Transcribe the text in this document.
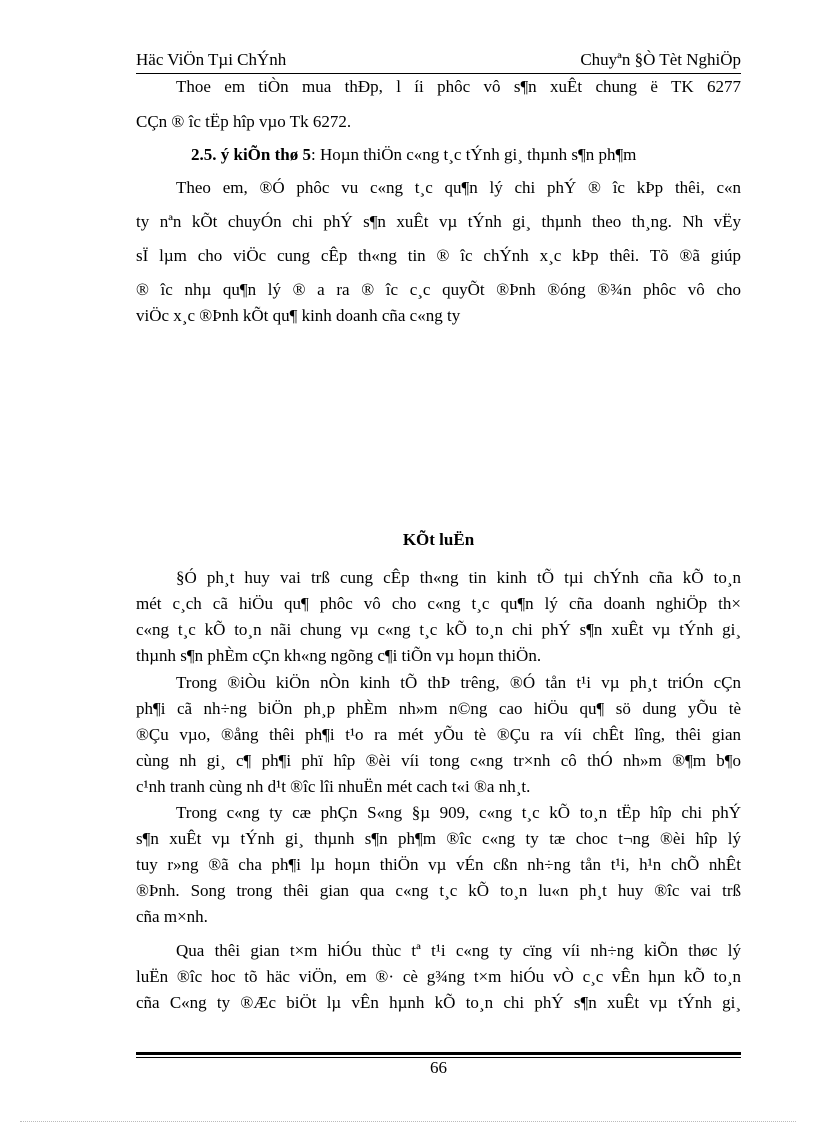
Häc ViÖn Tµi ChÝnh	Chuyªn §Ò Tèt NghiÖp
Thoe em tiÒn mua thÐp, l íi phôc vô s¶n xuÊt chung ë TK 6277
CÇn ® îc tËp hîp vµo Tk 6272.
2.5. ý kiÕn thø 5: Hoµn thiÖn c«ng t¸c tÝnh gi¸ thµnh s¶n ph¶m
Theo em, ®Ó phôc vu c«ng t¸c qu¶n lý chi phÝ ® îc kÞp thêi, c«n
ty nªn kÕt chuyÓn chi phÝ s¶n xuÊt vµ tÝnh gi¸ thµnh theo th¸ng. Nh vËy
sÏ lµm cho viÖc cung cÊp th«ng tin ® îc chÝnh x¸c kÞp thêi. Tõ ®ã giúp
® îc nhµ qu¶n lý ® a ra ® îc c¸c quyÕt ®Þnh ®óng ®¾n phôc vô cho
viÖc x¸c ®Þnh kÕt qu¶ kinh doanh cña c«ng ty
KÕt luËn
§Ó ph¸t huy vai trß cung cÊp th«ng tin kinh tÕ tµi chÝnh cña kÕ to¸n
mét c¸ch cã hiÖu qu¶ phôc vô cho c«ng t¸c qu¶n lý cña doanh nghiÖp th×
c«ng t¸c kÕ to¸n nãi chung vµ c«ng t¸c kÕ to¸n chi phÝ s¶n xuÊt vµ tÝnh gi¸
thµnh s¶n phÈm cÇn kh«ng ngõng c¶i tiÕn vµ hoµn thiÖn.
Trong ®iÒu kiÖn nÒn kinh tÕ thÞ trêng, ®Ó tån t¹i vµ ph¸t triÓn cÇn
ph¶i cã nh÷ng biÖn ph¸p phÈm nh»m n©ng cao hiÖu qu¶ sö dung yÕu tè
®Çu vµo, ®ång thêi ph¶i t¹o ra mét yÕu tè ®Çu ra víi chÊt lîng, thêi gian
cùng nh gi¸ c¶ ph¶i phï hîp ®èi víi tong c«ng tr×nh cô thÓ nh»m ®¶m b¶o
c¹nh tranh cùng nh d¹t ®îc lîi nhuËn mét cach t«i ®a nh¸t.
Trong c«ng ty cæ phÇn S«ng §µ 909, c«ng t¸c kÕ to¸n tËp hîp chi phÝ
s¶n xuÊt vµ tÝnh gi¸ thµnh s¶n ph¶m ®îc c«ng ty tæ choc t¬ng ®èi hîp lý
tuy r»ng ®ã cha ph¶i lµ hoµn thiÖn vµ vÉn cßn nh÷ng tån t¹i, h¹n chÕ nhÊt
®Þnh. Song trong thêi gian qua c«ng t¸c kÕ to¸n lu«n ph¸t huy ®îc vai trß
cña m×nh.
Qua thêi gian t×m hiÓu thùc tª t¹i c«ng ty cïng víi nh÷ng kiÕn thøc lý
luËn ®îc hoc tõ häc viÖn, em ®· cè g¾ng t×m hiÓu vÒ c¸c vÊn hµn kÕ to¸n
cña C«ng ty ®Æc biÖt lµ vÊn hµnh kÕ to¸n chi phÝ s¶n xuÊt vµ tÝnh gi¸
66
